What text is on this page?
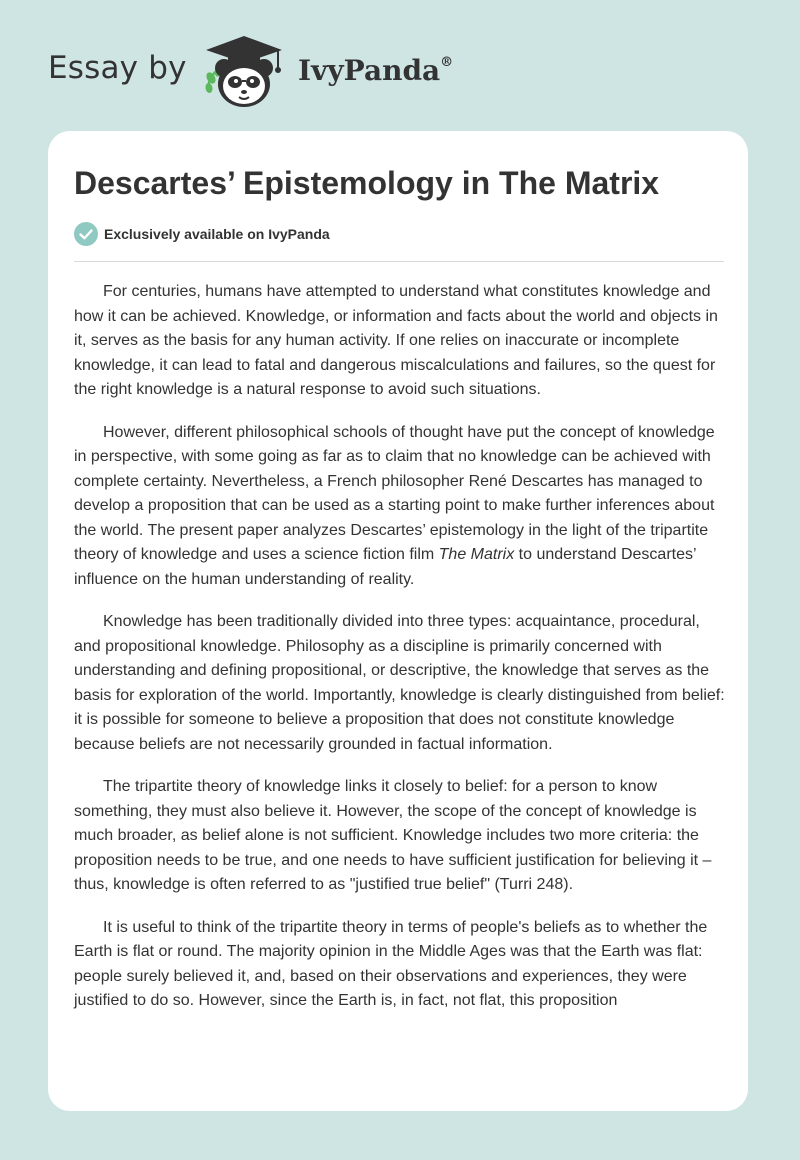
Essay by	IvyPanda®
Descartes’ Epistemology in The Matrix
Exclusively available on IvyPanda

For centuries, humans have attempted to understand what constitutes knowledge and how it can be achieved. Knowledge, or information and facts about the world and objects in it, serves as the basis for any human activity. If one relies on inaccurate or incomplete knowledge, it can lead to fatal and dangerous miscalculations and failures, so the quest for the right knowledge is a natural response to avoid such situations.

However, different philosophical schools of thought have put the concept of knowledge in perspective, with some going as far as to claim that no knowledge can be achieved with complete certainty. Nevertheless, a French philosopher René Descartes has managed to develop a proposition that can be used as a starting point to make further inferences about the world. The present paper analyzes Descartes’ epistemology in the light of the tripartite theory of knowledge and uses a science fiction film The Matrix to understand Descartes’ influence on the human understanding of reality.

Knowledge has been traditionally divided into three types: acquaintance, procedural, and propositional knowledge. Philosophy as a discipline is primarily concerned with understanding and defining propositional, or descriptive, the knowledge that serves as the basis for exploration of the world. Importantly, knowledge is clearly distinguished from belief: it is possible for someone to believe a proposition that does not constitute knowledge because beliefs are not necessarily grounded in factual information.

The tripartite theory of knowledge links it closely to belief: for a person to know something, they must also believe it. However, the scope of the concept of knowledge is much broader, as belief alone is not sufficient. Knowledge includes two more criteria: the proposition needs to be true, and one needs to have sufficient justification for believing it – thus, knowledge is often referred to as "justified true belief" (Turri 248).

It is useful to think of the tripartite theory in terms of people's beliefs as to whether the Earth is flat or round. The majority opinion in the Middle Ages was that the Earth was flat: people surely believed it, and, based on their observations and experiences, they were justified to do so. However, since the Earth is, in fact, not flat, this proposition
